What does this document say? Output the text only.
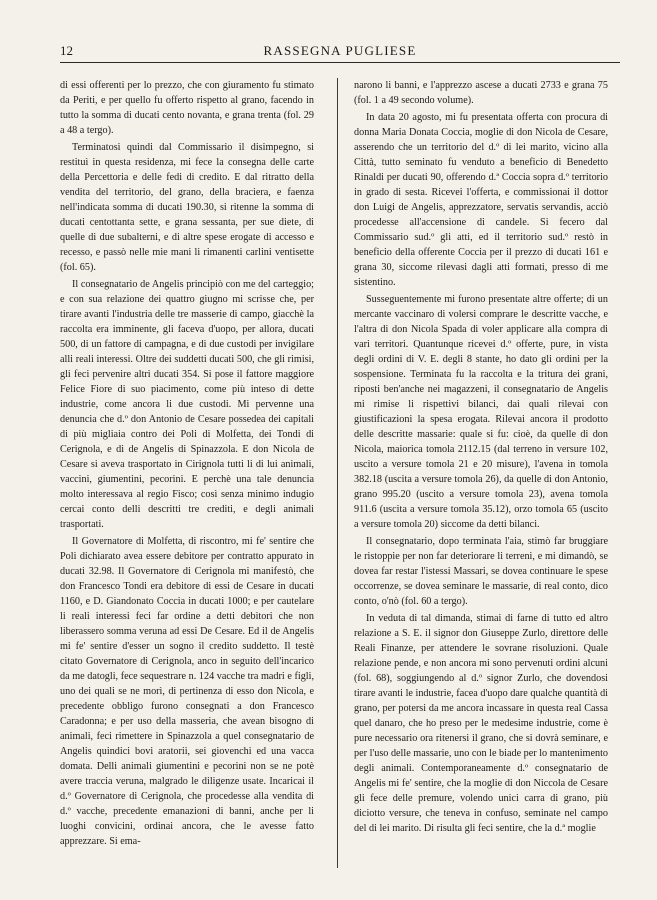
12	RASSEGNA PUGLIESE

di essi offerenti per lo prezzo, che con giuramento fu stimato da Periti, e per quello fu offerto rispetto al grano, facendo in tutto la somma di ducati cento novanta, e grana trenta (fol. 29 a 48 a tergo).

Terminatosi quindi dal Commissario il disimpegno, si restituì in questa residenza, mi fece la consegna delle carte della Percettoria e delle fedi di credito. E dal ritratto della vendita del territorio, del grano, della braciera, e faenza nell'indicata somma di ducati 190.30, si ritenne la somma di ducati centottanta sette, e grana sessanta, per sue diete, di quelle di due subalterni, e di altre spese erogate di accesso e recesso, e passò nelle mie mani li rimanenti carlini ventisette (fol. 65).

Il consegnatario de Angelis principiò con me del carteggio; e con sua relazione dei quattro giugno mi scrisse che, per tirare avanti l'industria delle tre masserie di campo, giacchè la raccolta era imminente, gli faceva d'uopo, per allora, ducati 500, di un fattore di campagna, e di due custodi per invigilare alli reali interessi. Oltre dei suddetti ducati 500, che gli rimisi, gli feci pervenire altri ducati 354. Si pose il fattore maggiore Felice Fiore di suo piacimento, come più inteso di dette industrie, come ancora li due custodi. Mi pervenne una denuncia che d.º don Antonio de Cesare possedea dei capitali di più migliaia contro dei Poli di Molfetta, dei Tondi di Cerignola, e di de Angelis di Spinazzola. E don Nicola de Cesare si aveva trasportato in Cirignola tutti li di lui animali, vaccini, giumentini, pecorini. E perchè una tale denuncia molto interessava al regio Fisco; così senza minimo indugio cercai conto delli descritti tre crediti, e degli animali trasportati.

Il Governatore di Molfetta, di riscontro, mi fe' sentire che Poli dichiarato avea essere debitore per contratto appurato in ducati 32.98. Il Governatore di Cerignola mi manifestò, che don Francesco Tondi era debitore di essi de Cesare in ducati 1160, e D. Giandonato Coccia in ducati 1000; e per cautelare li reali interessi feci far ordine a detti debitori che non liberassero somma veruna ad essi De Cesare. Ed il de Angelis mi fe' sentire d'esser un sogno il credito suddetto. Il testè citato Governatore di Cerignola, anco in seguito dell'incarico da me datogli, fece sequestrare n. 124 vacche tra madri e figli, uno dei quali se ne morì, di pertinenza di esso don Nicola, e precedente obbligo furono consegnati a don Francesco Caradonna; e per uso della masseria, che avean bisogno di animali, feci rimettere in Spinazzola a quel consegnatario de Angelis quindici bovi aratorii, sei giovenchi ed una vacca domata. Delli animali giumentini e pecorini non se ne potè avere traccia veruna, malgrado le diligenze usate. Incaricai il d.º Governatore di Cerignola, che procedesse alla vendita di d.º vacche, precedente emanazioni di banni, anche per li luoghi convicini, ordinai ancora, che le avesse fatto apprezzare. Si ema-

narono li banni, e l'apprezzo ascese a ducati 2733 e grana 75 (fol. 1 a 49 secondo volume).

In data 20 agosto, mi fu presentata offerta con procura di donna Maria Donata Coccia, moglie di don Nicola de Cesare, asserendo che un territorio del d.º di lei marito, vicino alla Città, tutto seminato fu venduto a beneficio di Benedetto Rinaldi per ducati 90, offerendo d.ª Coccia sopra d.º territorio in grado di sesta. Ricevei l'offerta, e commissionai il dottor don Luigi de Angelis, apprezzatore, servatis servandis, acciò procedesse all'accensione di candele. Si fecero dal Commissario sud.º gli atti, ed il territorio sud.º restò in beneficio della offerente Coccia per il prezzo di ducati 161 e grana 30, siccome rilevasi dagli atti formati, presso di me sistentino.

Susseguentemente mi furono presentate altre offerte; di un mercante vaccinaro di volersi comprare le descritte vacche, e l'altra di don Nicola Spada di voler applicare alla compra di vari territori. Quantunque ricevei d.º offerte, pure, in vista degli ordini di V. E. degli 8 stante, ho dato gli ordini per la sospensione. Terminata fu la raccolta e la tritura dei grani, riposti ben'anche nei magazzeni, il consegnatario de Angelis mi rimise li rispettivi bilanci, dai quali rilevai con giustificazioni la spesa erogata. Rilevai ancora il prodotto delle descritte massarie: quale si fu: cioè, da quelle di don Nicola, maiorica tomola 2112.15 (dal terreno in versure 102, uscito a versure tomola 21 e 20 misure), l'avena in tomola 382.18 (uscita a versure tomola 26), da quelle di don Antonio, grano 995.20 (uscito a versure tomola 23), avena tomola 911.6 (uscita a versure tomola 35.12), orzo tomola 65 (uscito a versure tomola 20) siccome da detti bilanci.

Il consegnatario, dopo terminata l'aia, stimò far bruggiare le ristoppie per non far deteriorare li terreni, e mi dimandò, se dovea far restar l'istessi Massari, se dovea continuare le spese occorrenze, se dovea seminare le massarie, di real conto, dico conto, o'nò (fol. 60 a tergo).

In veduta di tal dimanda, stimai di farne di tutto ed altro relazione a S. E. il signor don Giuseppe Zurlo, direttore delle Reali Finanze, per attendere le sovrane risoluzioni. Quale relazione pende, e non ancora mi sono pervenuti ordini alcuni (fol. 68), soggiungendo al d.º signor Zurlo, che dovendosi tirare avanti le industrie, facea d'uopo dare qualche quantità di grano, per potersi da me ancora incassare in questa real Cassa quel danaro, che ho preso per le medesime industrie, come è pure necessario ora ritenersi il grano, che si dovrà seminare, e per l'uso delle massarie, uno con le biade per lo mantenimento degli animali. Contemporaneamente d.º consegnatario de Angelis mi fe' sentire, che la moglie di don Niccola de Cesare gli fece delle premure, volendo unici carra di grano, più diciotto versure, che teneva in confuso, seminate nel campo del di lei marito. Di risulta gli feci sentire, che la d.ª moglie
